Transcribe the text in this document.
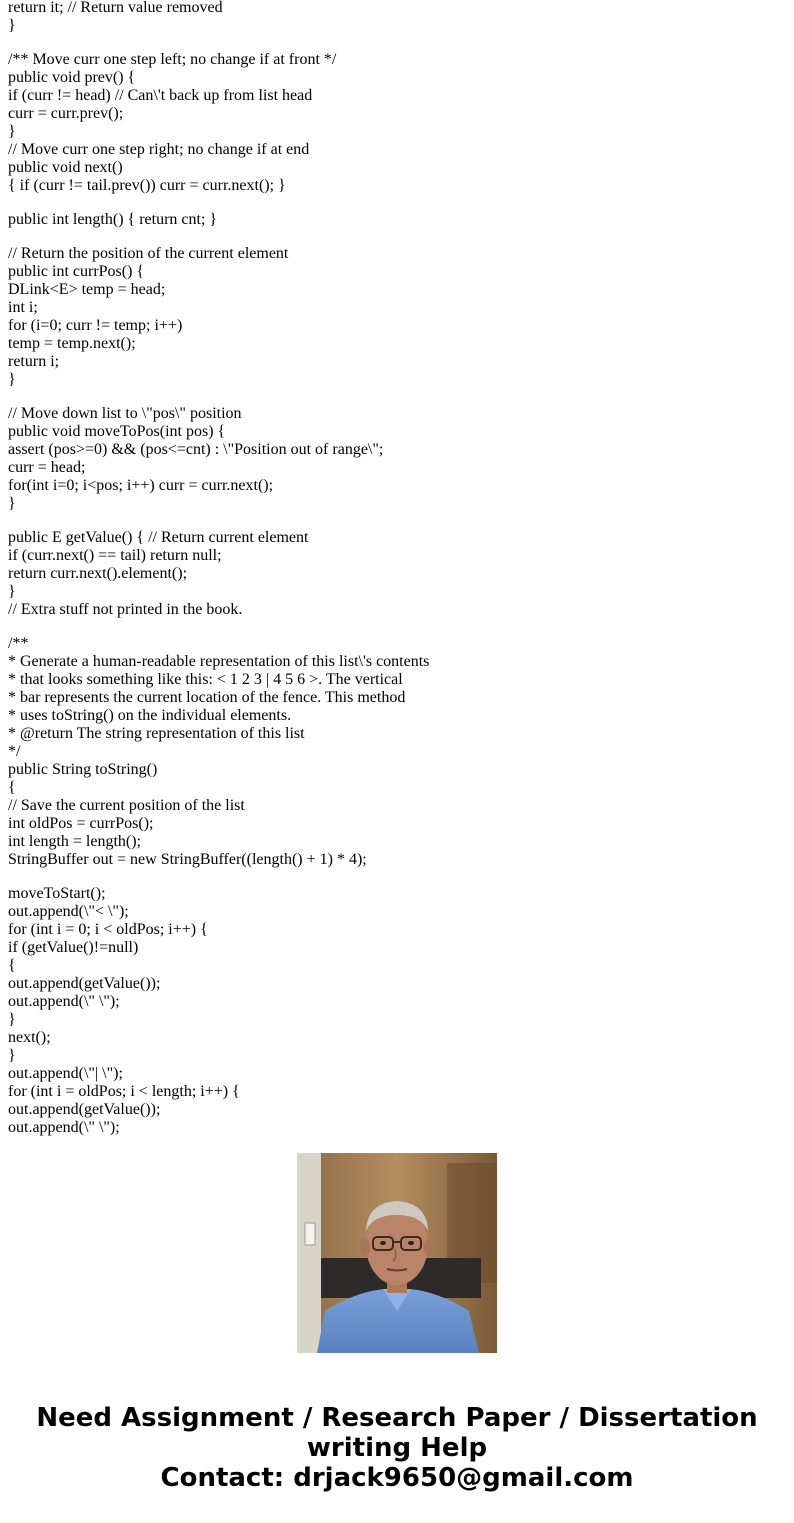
return it; // Return value removed
}
/** Move curr one step left; no change if at front */
public void prev() {
if (curr != head) // Can\'t back up from list head
curr = curr.prev();
}
// Move curr one step right; no change if at end
public void next()
{ if (curr != tail.prev()) curr = curr.next(); }
public int length() { return cnt; }
// Return the position of the current element
public int currPos() {
DLink<E> temp = head;
int i;
for (i=0; curr != temp; i++)
temp = temp.next();
return i;
}
// Move down list to \"pos\" position
public void moveToPos(int pos) {
assert (pos>=0) && (pos<=cnt) : \"Position out of range\";
curr = head;
for(int i=0; i<pos; i++) curr = curr.next();
}
public E getValue() { // Return current element
if (curr.next() == tail) return null;
return curr.next().element();
}
// Extra stuff not printed in the book.
/**
* Generate a human-readable representation of this list\'s contents
* that looks something like this: < 1 2 3 | 4 5 6 >. The vertical
* bar represents the current location of the fence. This method
* uses toString() on the individual elements.
* @return The string representation of this list
*/
public String toString()
{
// Save the current position of the list
int oldPos = currPos();
int length = length();
StringBuffer out = new StringBuffer((length() + 1) * 4);
moveToStart();
out.append(\"< \");
for (int i = 0; i < oldPos; i++) {
if (getValue()!=null)
{
out.append(getValue());
out.append(\" \");
}
next();
}
out.append(\"| \");
for (int i = oldPos; i < length; i++) {
out.append(getValue());
out.append(\" \");
Need Assignment / Research Paper / Dissertation
writing Help
Contact: drjack9650@gmail.com
